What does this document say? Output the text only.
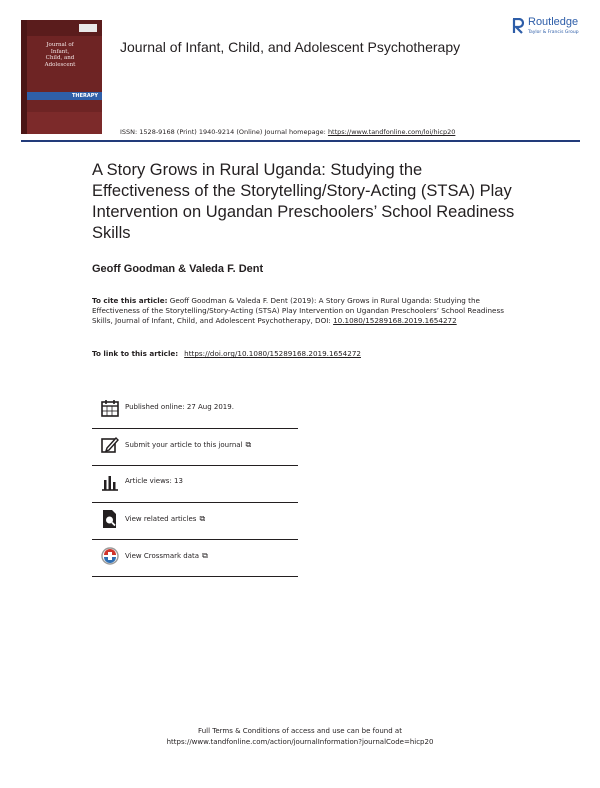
Journal of
Infant,
Child, and
Adolescent
THERAPY
Journal of Infant, Child, and Adolescent Psychotherapy
Routledge
Taylor & Francis Group
ISSN: 1528-9168 (Print) 1940-9214 (Online) Journal homepage: https://www.tandfonline.com/loi/hicp20
A Story Grows in Rural Uganda: Studying the Effectiveness of the Storytelling/Story-Acting (STSA) Play Intervention on Ugandan Preschoolers’ School Readiness Skills
Geoff Goodman & Valeda F. Dent
To cite this article: Geoff Goodman & Valeda F. Dent (2019): A Story Grows in Rural Uganda: Studying the Effectiveness of the Storytelling/Story-Acting (STSA) Play Intervention on Ugandan Preschoolers’ School Readiness Skills, Journal of Infant, Child, and Adolescent Psychotherapy, DOI: 10.1080/15289168.2019.1654272
To link to this article: https://doi.org/10.1080/15289168.2019.1654272
Published online: 27 Aug 2019.
Submit your article to this journal ⧉
Article views: 13
View related articles ⧉
View Crossmark data ⧉
Full Terms & Conditions of access and use can be found at
https://www.tandfonline.com/action/journalInformation?journalCode=hicp20
